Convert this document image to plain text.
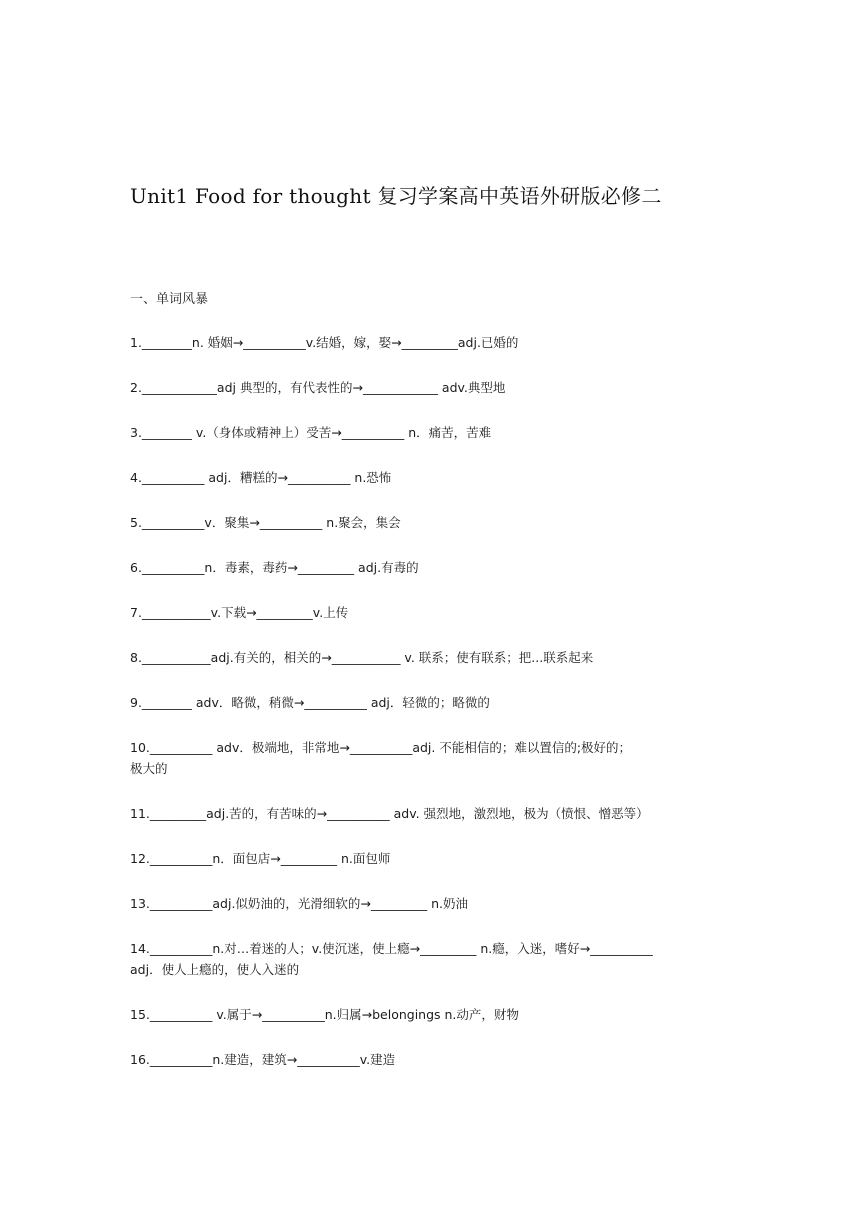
Unit1 Food for thought 复习学案高中英语外研版必修二
一、单词风暴
1.________n. 婚姻→__________v.结婚，嫁，娶→_________adj.已婚的
2.____________adj 典型的，有代表性的→____________ adv.典型地
3.________ v.（身体或精神上）受苦→__________ n．痛苦，苦难
4.__________ adj．糟糕的→__________ n.恐怖
5.__________v．聚集→__________ n.聚会，集会
6.__________n．毒素，毒药→_________ adj.有毒的
7.___________v.下载→_________v.上传
8.___________adj.有关的，相关的→___________ v. 联系；使有联系；把...联系起来
9.________ adv．略微，稍微→__________ adj．轻微的；略微的
10.__________ adv．极端地，非常地→__________adj. 不能相信的；难以置信的;极好的；
极大的
11._________adj.苦的，有苦味的→__________ adv. 强烈地，激烈地，极为（愤恨、憎恶等）
12.__________n．面包店→_________ n.面包师
13.__________adj.似奶油的，光滑细软的→_________ n.奶油
14.__________n.对…着迷的人；v.使沉迷，使上瘾→_________ n.瘾，入迷，嗜好→__________
adj．使人上瘾的，使人入迷的
15.__________ v.属于→__________n.归属→belongings n.动产，财物
16.__________n.建造，建筑→__________v.建造
